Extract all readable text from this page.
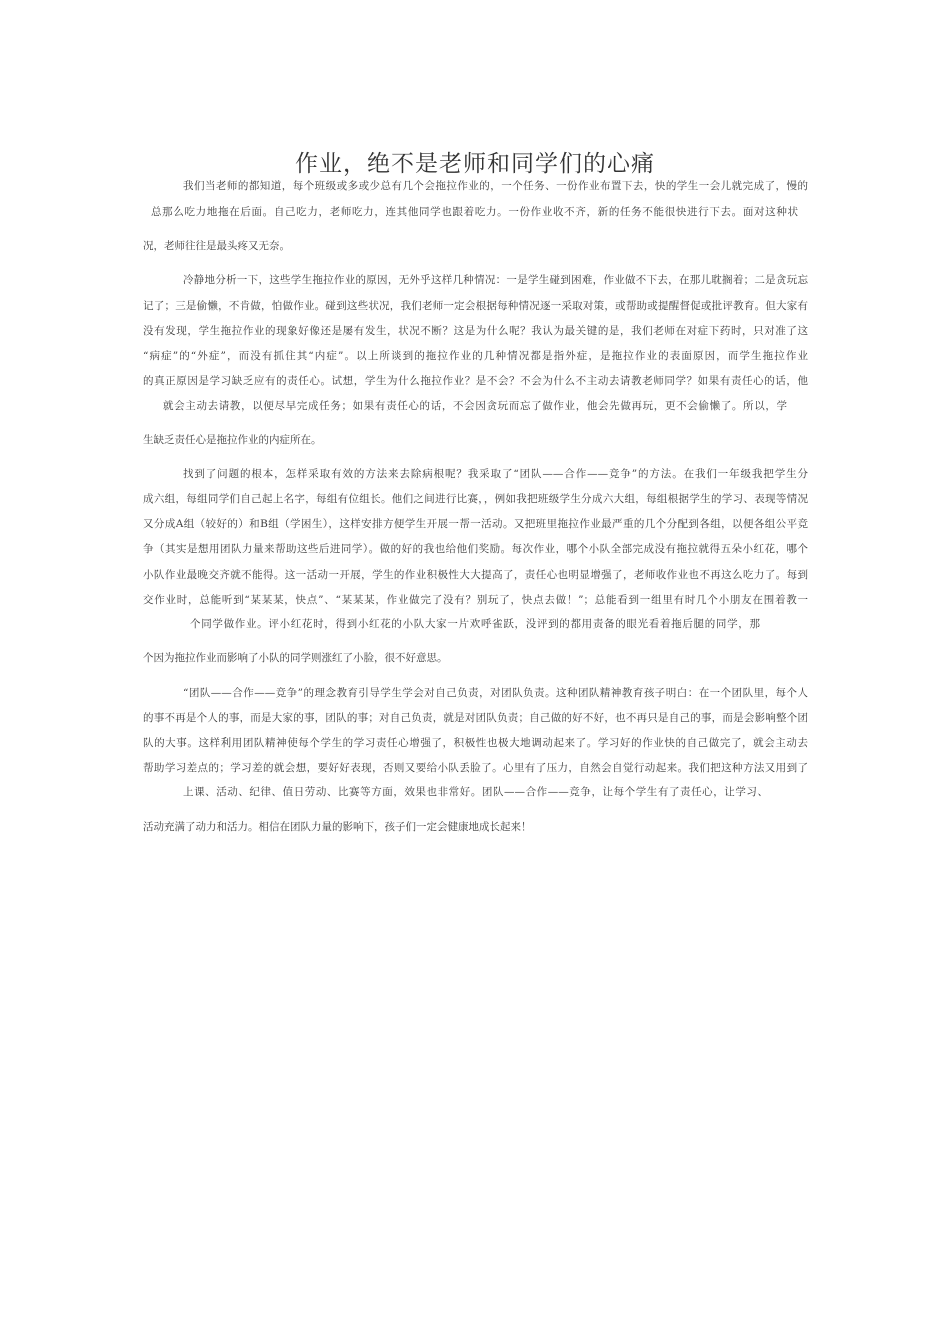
作业，绝不是老师和同学们的心痛
我们当老师的都知道，每个班级或多或少总有几个会拖拉作业的，一个任务、一份作业布置下去，快的学生一会儿就完成了，慢的
总那么吃力地拖在后面。自己吃力，老师吃力，连其他同学也跟着吃力。一份作业收不齐，新的任务不能很快进行下去。面对这种状
况，老师往往是最头疼又无奈。
冷静地分析一下，这些学生拖拉作业的原因，无外乎这样几种情况：一是学生碰到困难，作业做不下去，在那儿耽搁着；二是贪玩忘
记了；三是偷懒，不肯做，怕做作业。碰到这些状况，我们老师一定会根据每种情况逐一采取对策，或帮助或提醒督促或批评教育。但大家有
没有发现，学生拖拉作业的现象好像还是屡有发生，状况不断？这是为什么呢？我认为最关键的是，我们老师在对症下药时，只对准了这
“病症”的“外症”，而没有抓住其“内症”。以上所谈到的拖拉作业的几种情况都是指外症，是拖拉作业的表面原因，而学生拖拉作业
的真正原因是学习缺乏应有的责任心。试想，学生为什么拖拉作业？是不会？不会为什么不主动去请教老师同学？如果有责任心的话，他
就会主动去请教，以便尽早完成任务；如果有责任心的话，不会因贪玩而忘了做作业，他会先做再玩，更不会偷懒了。所以，学
生缺乏责任心是拖拉作业的内症所在。
找到了问题的根本，怎样采取有效的方法来去除病根呢？我采取了“团队——合作——竞争”的方法。在我们一年级我把学生分
成六组，每组同学们自己起上名字，每组有位组长。他们之间进行比赛，，例如我把班级学生分成六大组，每组根据学生的学习、表现等情况
又分成A组（较好的）和B组（学困生），这样安排方便学生开展一帮一活动。又把班里拖拉作业最严重的几个分配到各组，以便各组公平竞
争（其实是想用团队力量来帮助这些后进同学）。做的好的我也给他们奖励。每次作业，哪个小队全部完成没有拖拉就得五朵小红花，哪个
小队作业最晚交齐就不能得。这一活动一开展，学生的作业积极性大大提高了，责任心也明显增强了，老师收作业也不再这么吃力了。每到
交作业时，总能听到“某某某，快点”、“某某某，作业做完了没有？别玩了，快点去做！”；总能看到一组里有时几个小朋友在围着教一
个同学做作业。评小红花时，得到小红花的小队大家一片欢呼雀跃，没评到的都用责备的眼光看着拖后腿的同学，那
个因为拖拉作业而影响了小队的同学则涨红了小脸，很不好意思。
“团队——合作——竞争”的理念教育引导学生学会对自己负责，对团队负责。这种团队精神教育孩子明白：在一个团队里，每个人
的事不再是个人的事，而是大家的事，团队的事；对自己负责，就是对团队负责；自己做的好不好，也不再只是自己的事，而是会影响整个团
队的大事。这样利用团队精神使每个学生的学习责任心增强了，积极性也极大地调动起来了。学习好的作业快的自己做完了，就会主动去
帮助学习差点的；学习差的就会想，要好好表现，否则又要给小队丢脸了。心里有了压力，自然会自觉行动起来。我们把这种方法又用到了
上课、活动、纪律、值日劳动、比赛等方面，效果也非常好。团队——合作——竞争，让每个学生有了责任心，让学习、
活动充满了动力和活力。相信在团队力量的影响下，孩子们一定会健康地成长起来！
